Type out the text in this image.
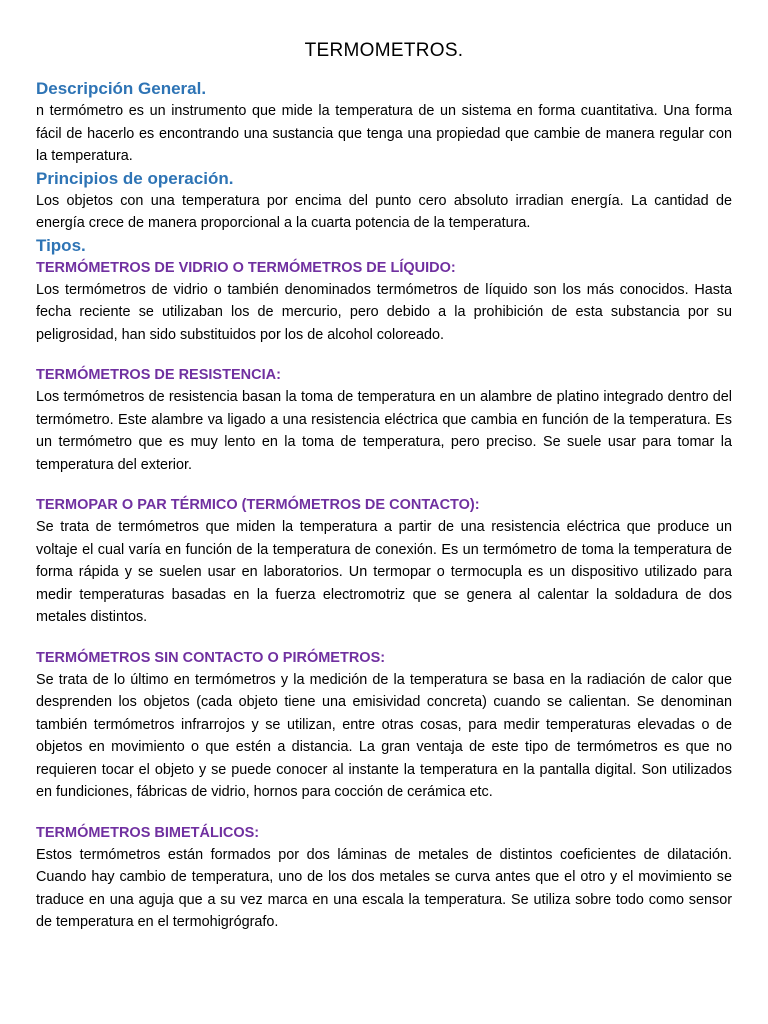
TERMOMETROS.
Descripción General.

n termómetro es un instrumento que mide la temperatura de un sistema en forma cuantitativa. Una forma fácil de hacerlo es encontrando una sustancia que tenga una propiedad que cambie de manera regular con la temperatura.

Principios de operación.

Los objetos con una temperatura por encima del punto cero absoluto irradian energía. La cantidad de energía crece de manera proporcional a la cuarta potencia de la temperatura.

Tipos.
TERMÓMETROS DE VIDRIO O TERMÓMETROS DE LÍQUIDO:

Los termómetros de vidrio o también denominados termómetros de líquido son los más conocidos. Hasta fecha reciente se utilizaban los de mercurio, pero debido a la prohibición de esta substancia por su peligrosidad, han sido substituidos por los de alcohol coloreado.

TERMÓMETROS DE RESISTENCIA:

Los termómetros de resistencia basan la toma de temperatura en un alambre de platino integrado dentro del termómetro. Este alambre va ligado a una resistencia eléctrica que cambia en función de la temperatura. Es un termómetro que es muy lento en la toma de temperatura, pero preciso. Se suele usar para tomar la temperatura del exterior.

TERMOPAR O PAR TÉRMICO (TERMÓMETROS DE CONTACTO):

Se trata de termómetros que miden la temperatura a partir de una resistencia eléctrica que produce un voltaje el cual varía en función de la temperatura de conexión. Es un termómetro de toma la temperatura de forma rápida y se suelen usar en laboratorios. Un termopar o termocupla es un dispositivo utilizado para medir temperaturas basadas en la fuerza electromotriz que se genera al calentar la soldadura de dos metales distintos.

TERMÓMETROS SIN CONTACTO O PIRÓMETROS:

Se trata de lo último en termómetros y la medición de la temperatura se basa en la radiación de calor que desprenden los objetos (cada objeto tiene una emisividad concreta) cuando se calientan. Se denominan también termómetros infrarrojos y se utilizan, entre otras cosas, para medir temperaturas elevadas o de objetos en movimiento o que estén a distancia. La gran ventaja de este tipo de termómetros es que no requieren tocar el objeto y se puede conocer al instante la temperatura en la pantalla digital. Son utilizados en fundiciones, fábricas de vidrio, hornos para cocción de cerámica etc.

TERMÓMETROS BIMETÁLICOS:

Estos termómetros están formados por dos láminas de metales de distintos coeficientes de dilatación. Cuando hay cambio de temperatura, uno de los dos metales se curva antes que el otro y el movimiento se traduce en una aguja que a su vez marca en una escala la temperatura. Se utiliza sobre todo como sensor de temperatura en el termohigrógrafo.
